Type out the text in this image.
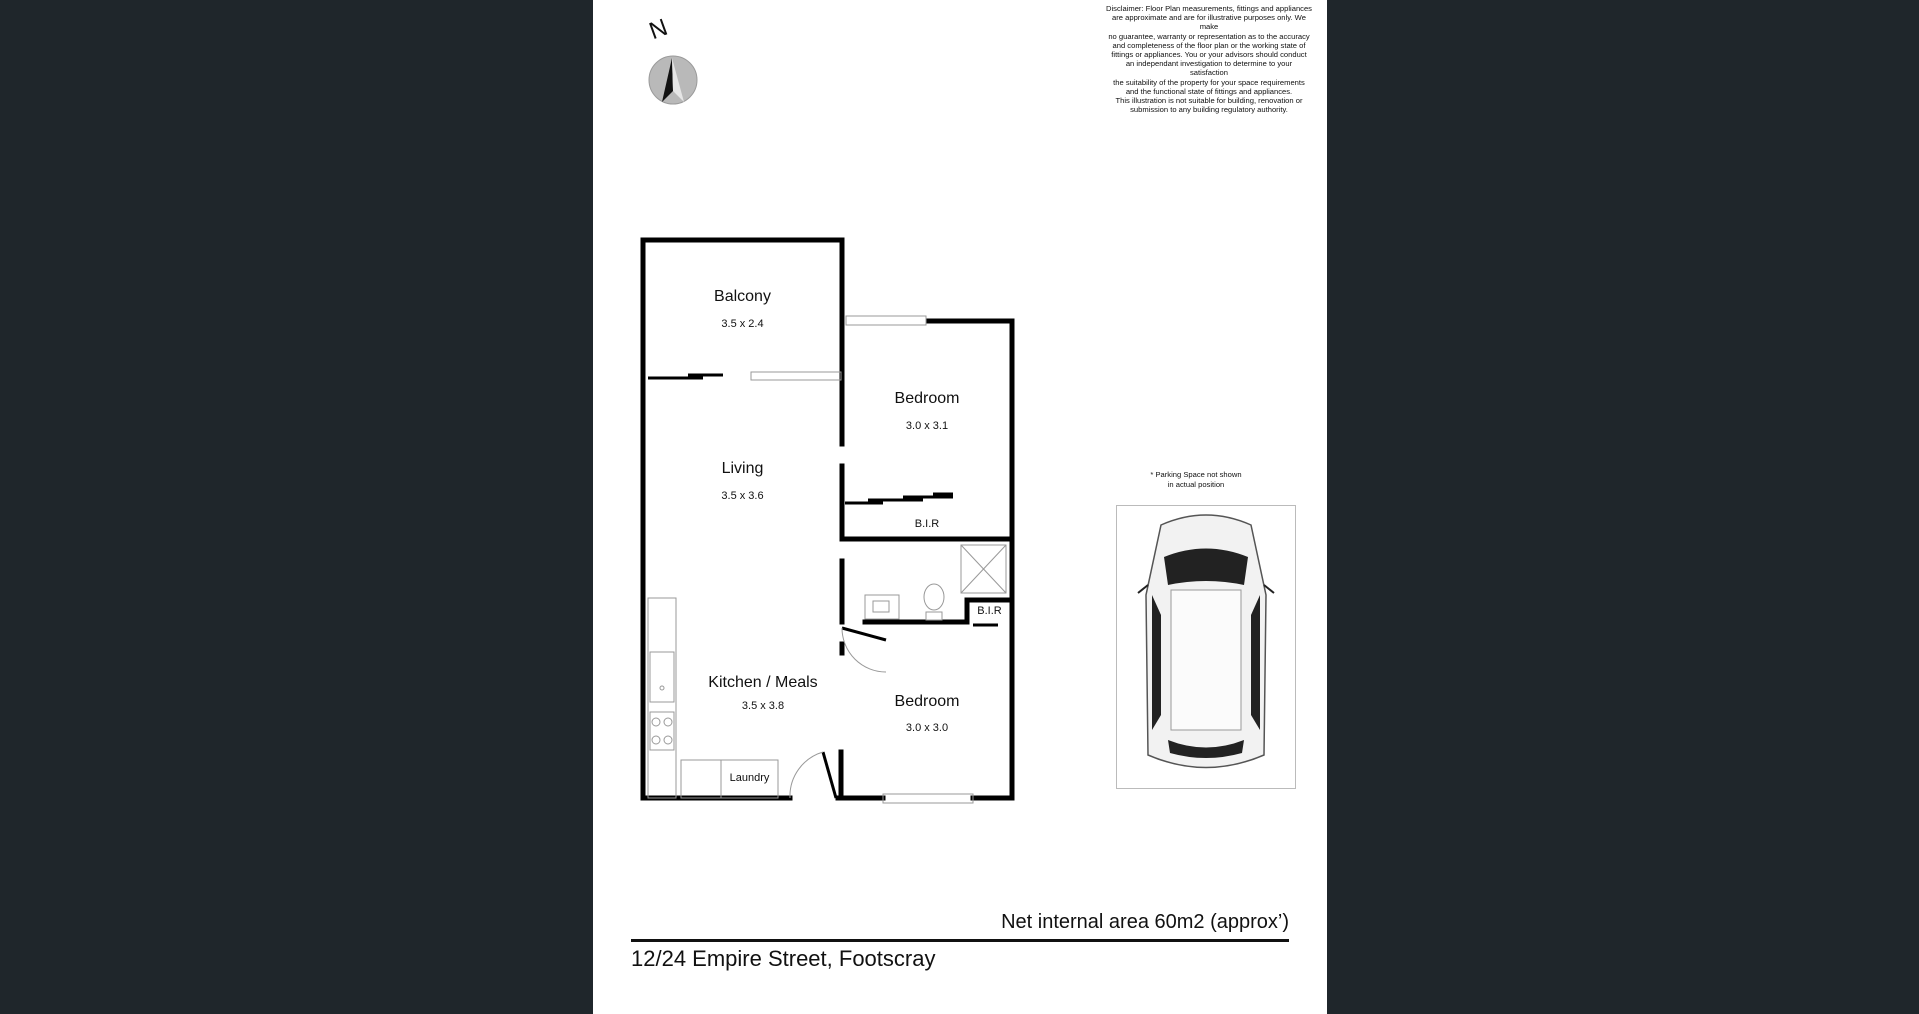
Disclaimer: Floor Plan measurements, fittings and appliances
are approximate and are for illustrative purposes only. We make
no guarantee, warranty or representation as to the accuracy
and completeness of the floor plan or the working state of
fittings or appliances. You or your advisors should conduct
an independant investigation to determine to your satisfaction
the suitability of the property for your space requirements
and the functional state of fittings and appliances.
This illustration is not suitable for building, renovation or
submission to any building regulatory authority.
N
Balcony
3.5 x 2.4
Bedroom
3.0 x 3.1
Living
3.5 x 3.6
Kitchen / Meals
3.5 x 3.8	Bedroom
3.0 x 3.0
B.I.R
B.I.R
Laundry
* Parking Space not shown
in actual position
Net internal area 60m2 (approx’)
12/24 Empire Street, Footscray
